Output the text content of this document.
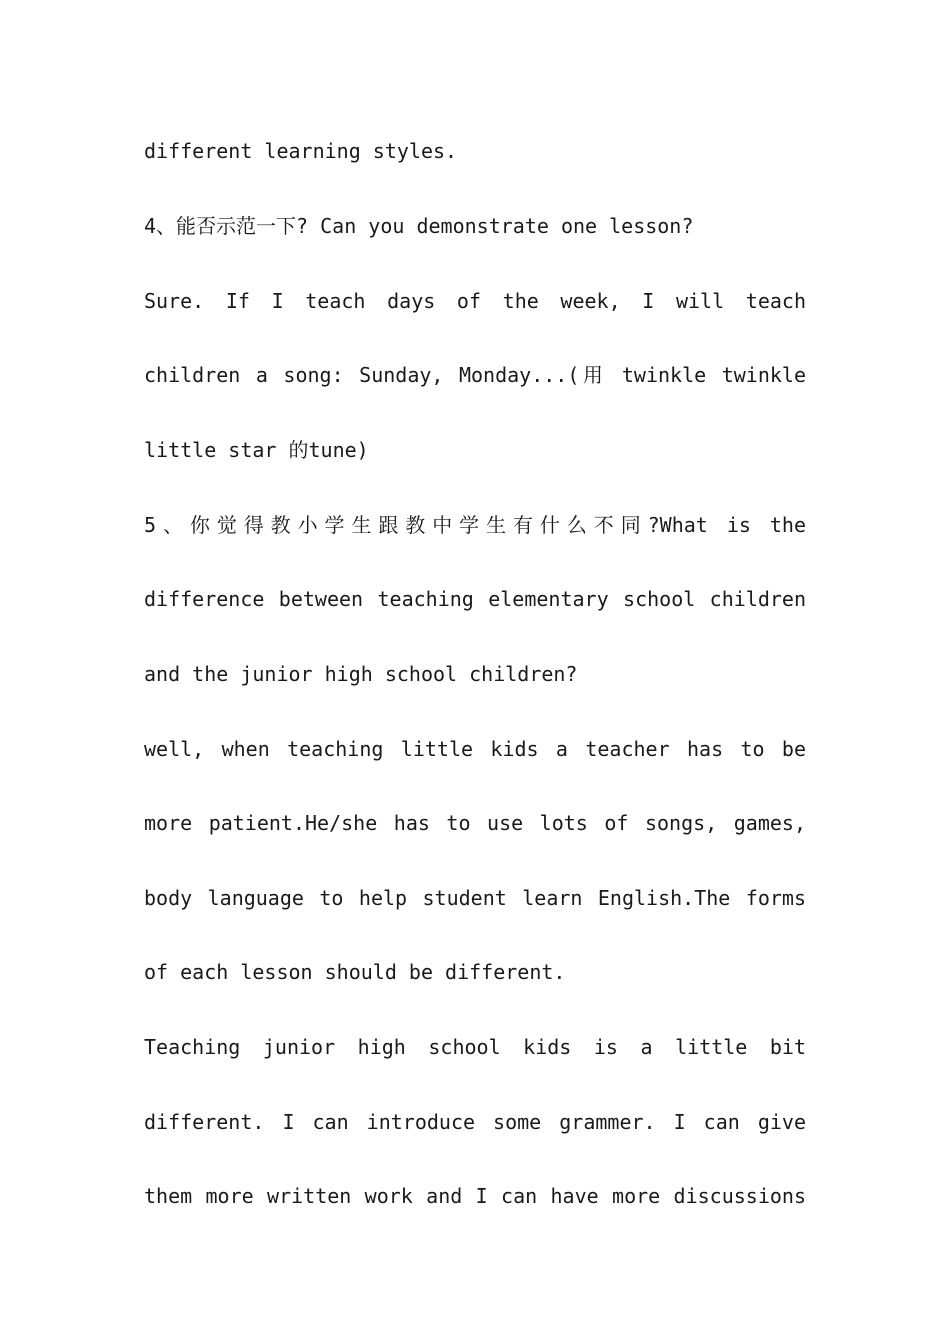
different learning styles.
4、能否示范一下? Can you demonstrate one lesson?
Sure. If I teach days of the week, I will teach
children a song: Sunday, Monday...(用 twinkle twinkle
little star 的tune)
5、你觉得教小学生跟教中学生有什么不同?What is the
difference between teaching elementary school children
and the junior high school children?
well, when teaching little kids a teacher has to be
more patient.He/she has to use lots of songs, games,
body language to help student learn English.The forms
of each lesson should be different.
Teaching junior high school kids is a little bit
different. I can introduce some grammer. I can give
them more written work and I can have more discussions
